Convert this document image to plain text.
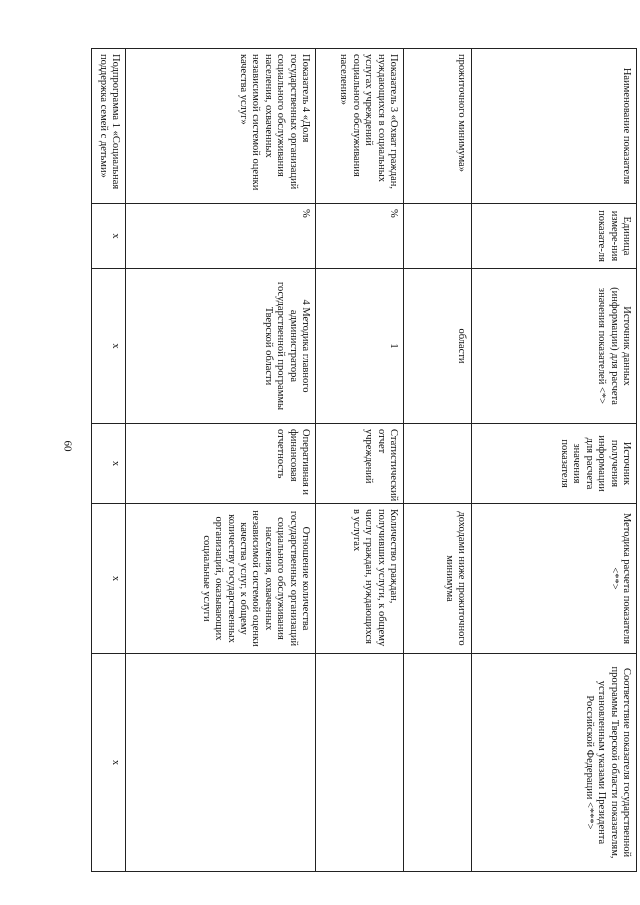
60
Наименование показателя	Единица измере-ния показате-ля	Источник данных (информации) для расчета значения показателей <*>	Источник получения информации для расчета значения показателя	Методика расчета показателя <**>	Соответствие показателя государственной программы Тверской области показателям, установленным указами Президента Российской Федерации <***>
прожиточного минимума»		области		доходами ниже прожиточного минимума	
Показатель 3 «Охват граждан, нуждающихся в социальных услугах учреждений социального обслуживания населения»	%	1	Статистический отчет учреждений	Количество граждан, получивших услуги, к общему числу граждан, нуждающихся в услугах	
Показатель 4 «Доля государственных организаций социального обслуживания населения, охваченных независимой системой оценки качества услуг»	%	4 Методика главного администратора государственной программы Тверской области	Оперативная и финансовая отчетность	Отношение количества государственных организаций социального обслуживания населения, охваченных независимой системой оценки качества услуг, к общему количеству государственных организаций, оказывающих социальные услуги	
Подпрограмма 1 «Социальная поддержка семей с детьми»	х	х	х	х	х
